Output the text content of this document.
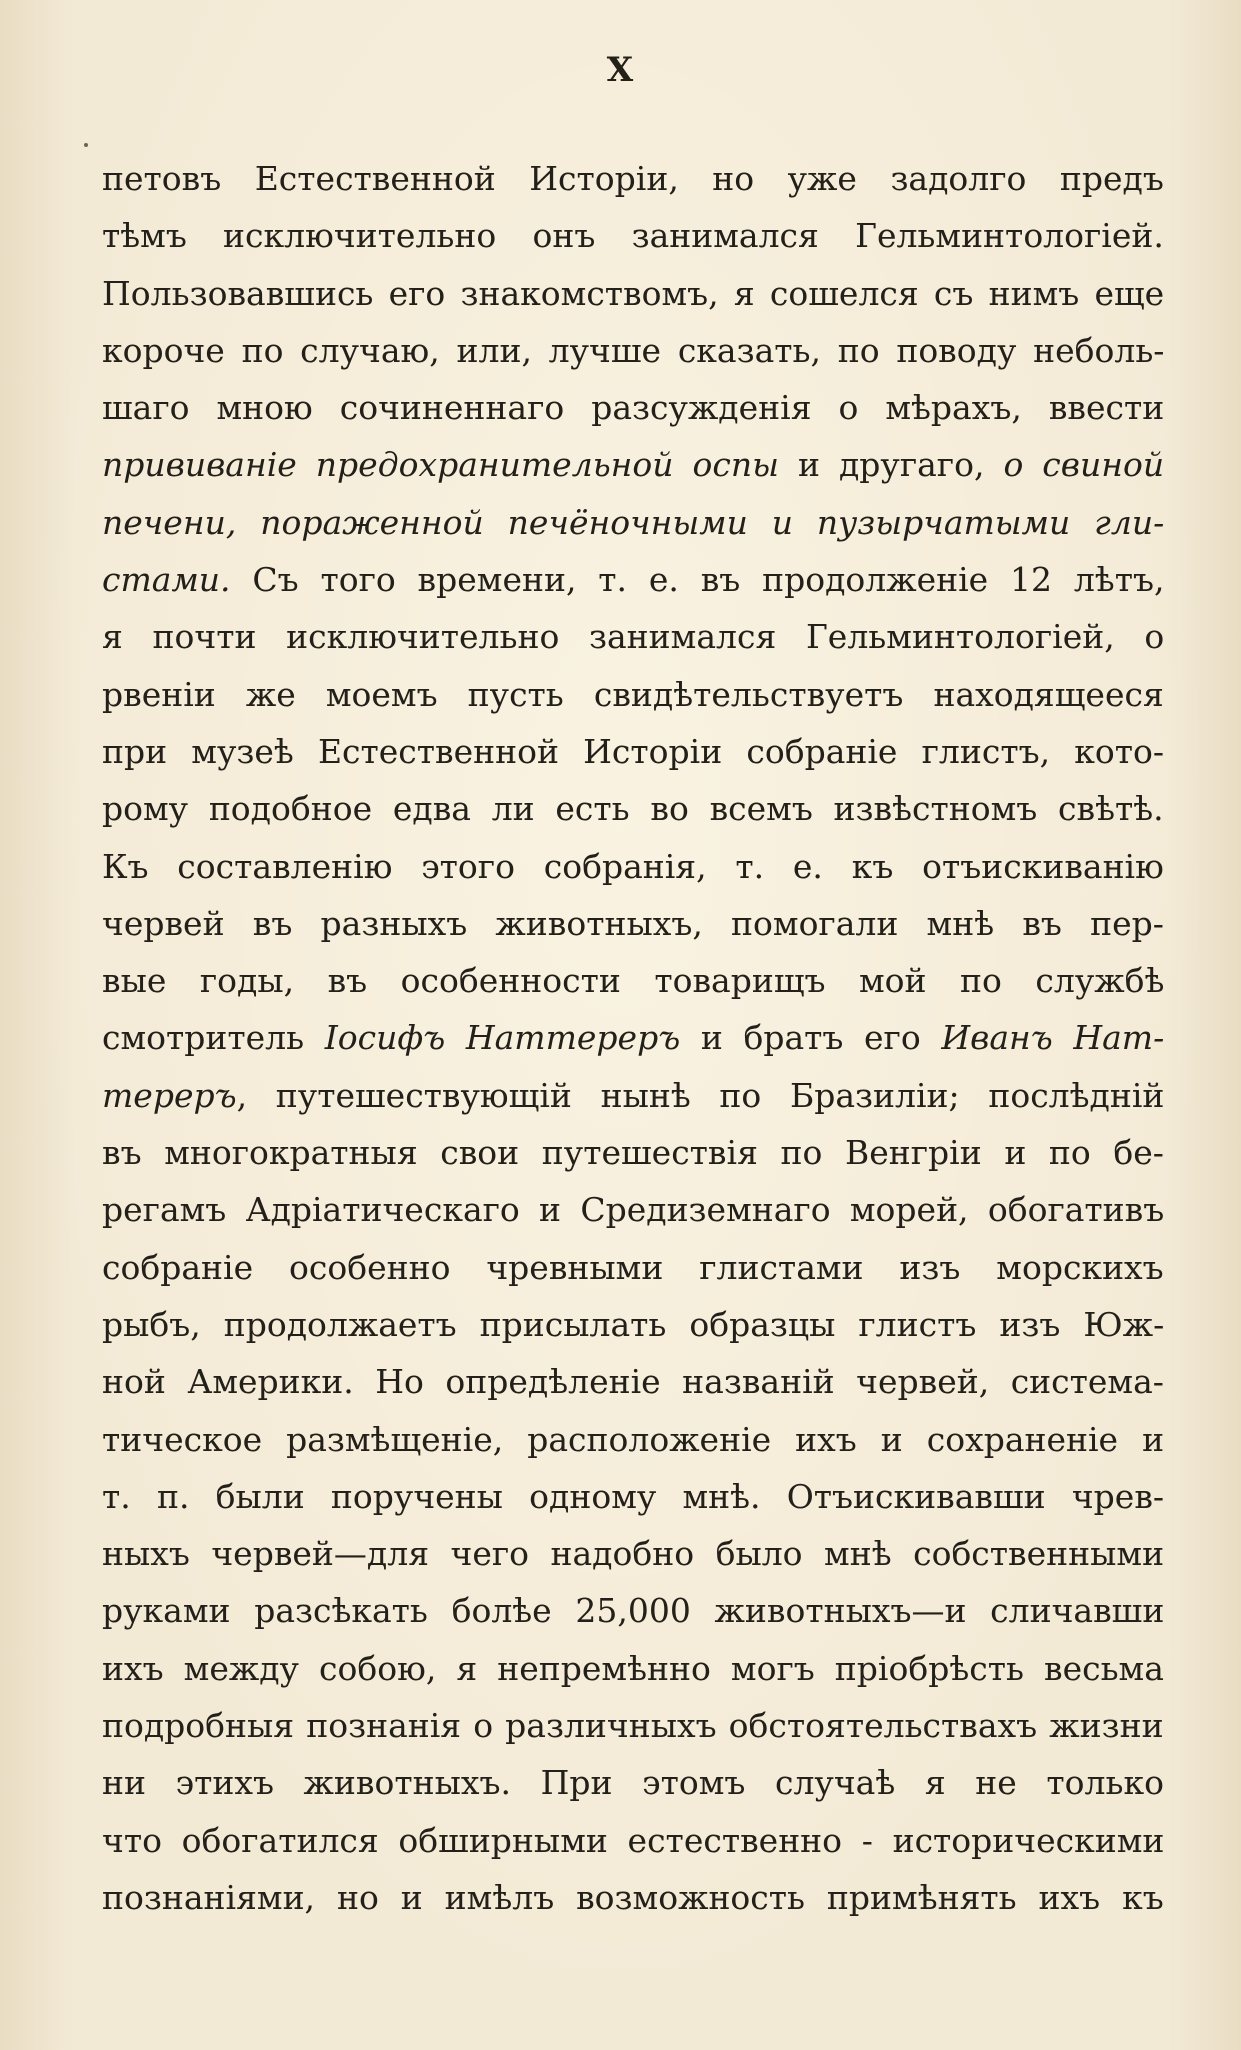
X
петовъ Естественной Исторіи, но уже задолго предъ
тѣмъ исключительно онъ занимался Гельминтологіей.
Пользовавшись его знакомствомъ, я сошелся съ нимъ еще
короче по случаю, или, лучше сказать, по поводу неболь-
шаго мною сочиненнаго разсужденія о мѣрахъ, ввести
прививаніе предохранительной оспы и другаго, о свиной
печени, пораженной печёночными и пузырчатыми гли-
стами. Съ того времени, т. е. въ продолженіе 12 лѣтъ,
я почти исключительно занимался Гельминтологіей, о
рвеніи же моемъ пусть свидѣтельствуетъ находящееся
при музеѣ Естественной Исторіи собраніе глистъ, кото-
рому подобное едва ли есть во всемъ извѣстномъ свѣтѣ.
Къ составленію этого собранія, т. е. къ отъискиванію
червей въ разныхъ животныхъ, помогали мнѣ въ пер-
вые годы, въ особенности товарищъ мой по службѣ
смотритель Іосифъ Наттереръ и братъ его Иванъ Нат-
тереръ, путешествующій нынѣ по Бразиліи; послѣдній
въ многократныя свои путешествія по Венгріи и по бе-
регамъ Адріатическаго и Средиземнаго морей, обогативъ
собраніе особенно чревными глистами изъ морскихъ
рыбъ, продолжаетъ присылать образцы глистъ изъ Юж-
ной Америки. Но опредѣленіе названій червей, система-
тическое размѣщеніе, расположеніе ихъ и сохраненіе и
т. п. были поручены одному мнѣ. Отъискивавши чрев-
ныхъ червей—для чего надобно было мнѣ собственными
руками разсѣкать болѣе 25,000 животныхъ—и сличавши
ихъ между собою, я непремѣнно могъ пріобрѣсть весьма
подробныя познанія о различныхъ обстоятельствахъ жизни
ни этихъ животныхъ. При этомъ случаѣ я не только
что обогатился обширными естественно - историческими
познаніями, но и имѣлъ возможность примѣнять ихъ къ
